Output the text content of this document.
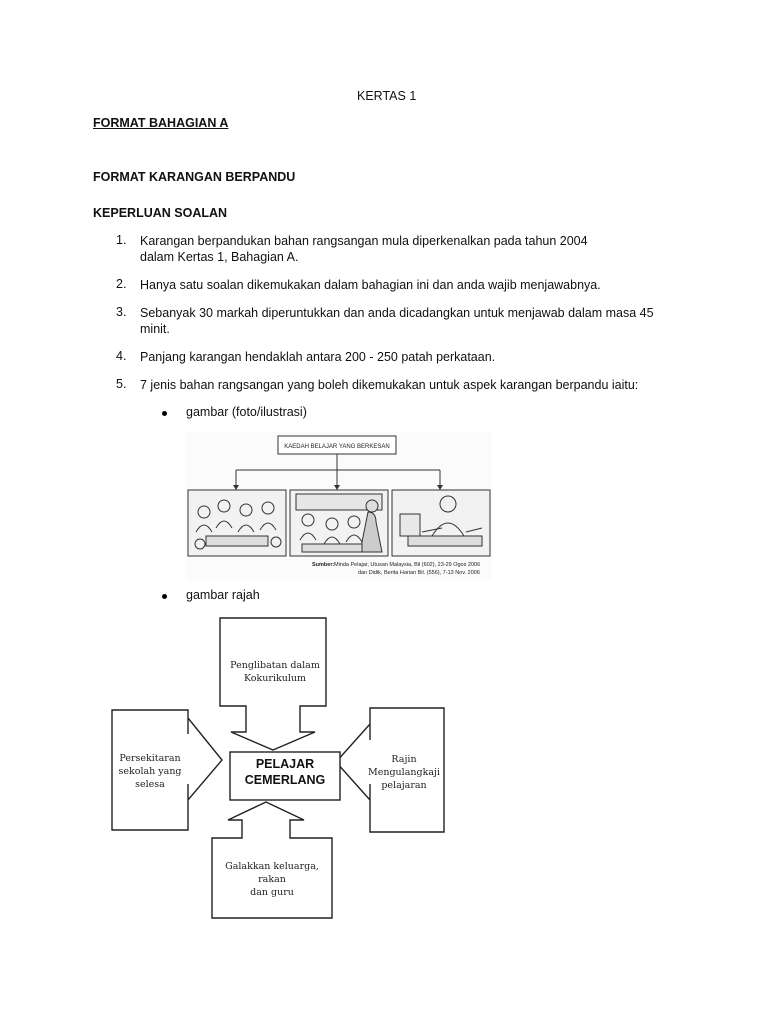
KERTAS 1
FORMAT BAHAGIAN A
FORMAT KARANGAN BERPANDU
KEPERLUAN SOALAN
1.	Karangan berpandukan bahan rangsangan mula diperkenalkan pada tahun 2004
dalam Kertas 1, Bahagian A.
2.	Hanya satu soalan dikemukakan dalam bahagian ini dan anda wajib menjawabnya.
3.	Sebanyak 30 markah diperuntukkan dan anda dicadangkan untuk menjawab dalam masa 45
minit.
4.	Panjang karangan hendaklah antara 200 - 250 patah perkataan.
5.	7 jenis bahan rangsangan yang boleh dikemukakan untuk aspek karangan berpandu iaitu:
gambar (foto/ilustrasi)
KAEDAH BELAJAR YANG BERKESAN
Sumber: Minda Pelajar, Utusan Malaysia, Bil (602), 23-29 Ogos 2006
dan Didik, Berita Harian Bil. (556), 7-13 Nov. 2006
gambar rajah
PELAJAR
CEMERLANG
Penglibatan dalam
Kokurikulum
Persekitaran
sekolah yang
selesa
Rajin
Mengulangkaji
pelajaran
Galakkan keluarga, rakan
dan guru
